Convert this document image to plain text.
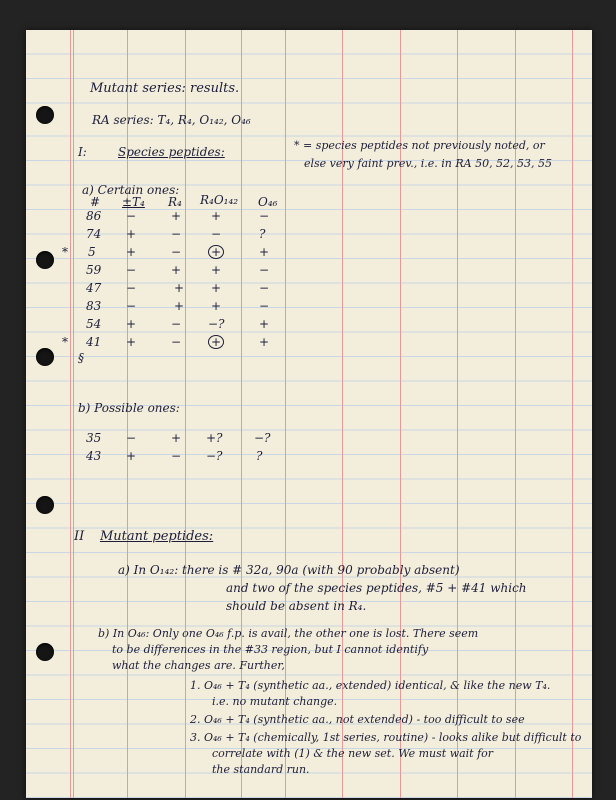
Mutant series: results.
RA series: T₄, R₄, O₁₄₂, O₄₆
I:	Species peptides:	* = species peptides not previously noted, or
else very faint prev., i.e. in RA 50, 52, 53, 55
a) Certain ones:
# ±T₄ R₄ R₄O₁₄₂ O₄₆
86 −	+ +	−
74 +	− −	?
* 5	+	− +	+
59 −	+ +	−
47 −	+ +	−
83 −	+ +	−
54 +	− −?	+
* 41 +	− +	+
§
b) Possible ones:
35 −	+ +?	−?
43 +	− −?	?
II Mutant peptides:
a) In O₁₄₂: there is # 32a, 90a (with 90 probably absent)
and two of the species peptides, #5 + #41 which
should be absent in R₄.
b) In O₄₆: Only one O₄₆ f.p. is avail, the other one is lost. There seem
to be differences in the #33 region, but I cannot identify
what the changes are. Further,
1. O₄₆ + T₄ (synthetic aa., extended) identical, & like the new T₄.
i.e. no mutant change.
2. O₄₆ + T₄ (synthetic aa., not extended) - too difficult to see
3. O₄₆ + T₄ (chemically, 1st series, routine) - looks alike but difficult to
correlate with (1) & the new set. We must wait for
the standard run.
